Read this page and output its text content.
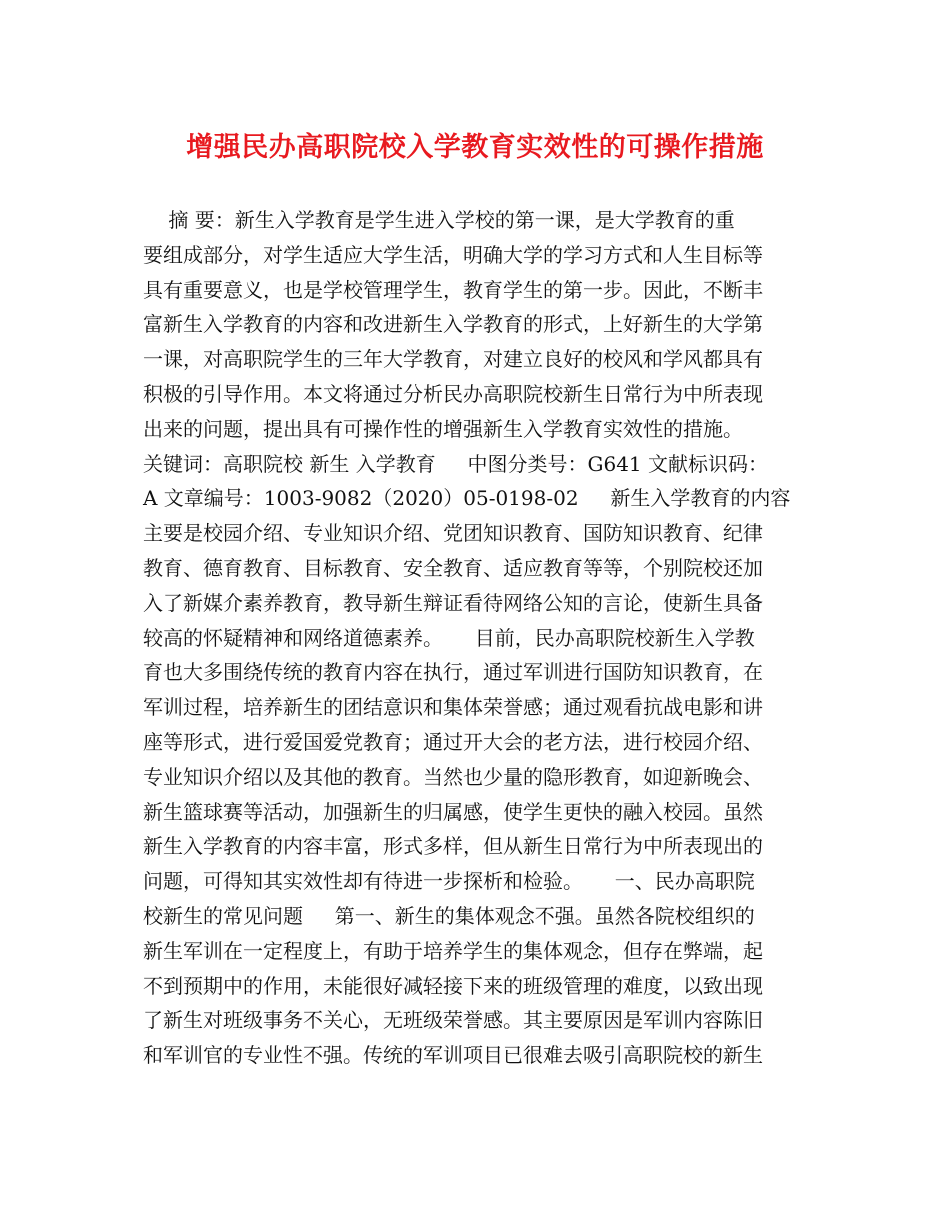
增强民办高职院校入学教育实效性的可操作措施
摘 要：新生入学教育是学生进入学校的第一课，是大学教育的重
要组成部分，对学生适应大学生活，明确大学的学习方式和人生目标等
具有重要意义，也是学校管理学生，教育学生的第一步。因此，不断丰
富新生入学教育的内容和改进新生入学教育的形式，上好新生的大学第
一课，对高职院学生的三年大学教育，对建立良好的校风和学风都具有
积极的引导作用。本文将通过分析民办高职院校新生日常行为中所表现
出来的问题，提出具有可操作性的增强新生入学教育实效性的措施。
关键词：高职院校 新生 入学教育     中图分类号：G641 文献标识码：
A 文章编号：1003-9082（2020）05-0198-02     新生入学教育的内容
主要是校园介绍、专业知识介绍、党团知识教育、国防知识教育、纪律
教育、德育教育、目标教育、安全教育、适应教育等等，个别院校还加
入了新媒介素养教育，教导新生辩证看待网络公知的言论，使新生具备
较高的怀疑精神和网络道德素养。     目前，民办高职院校新生入学教
育也大多围绕传统的教育内容在执行，通过军训进行国防知识教育，在
军训过程，培养新生的团结意识和集体荣誉感；通过观看抗战电影和讲
座等形式，进行爱国爱党教育；通过开大会的老方法，进行校园介绍、
专业知识介绍以及其他的教育。当然也少量的隐形教育，如迎新晚会、
新生篮球赛等活动，加强新生的归属感，使学生更快的融入校园。虽然
新生入学教育的内容丰富，形式多样，但从新生日常行为中所表现出的
问题，可得知其实效性却有待进一步探析和检验。     一、民办高职院
校新生的常见问题     第一、新生的集体观念不强。虽然各院校组织的
新生军训在一定程度上，有助于培养学生的集体观念，但存在弊端，起
不到预期中的作用，未能很好减轻接下来的班级管理的难度，以致出现
了新生对班级事务不关心，无班级荣誉感。其主要原因是军训内容陈旧
和军训官的专业性不强。传统的军训项目已很难去吸引高职院校的新生
